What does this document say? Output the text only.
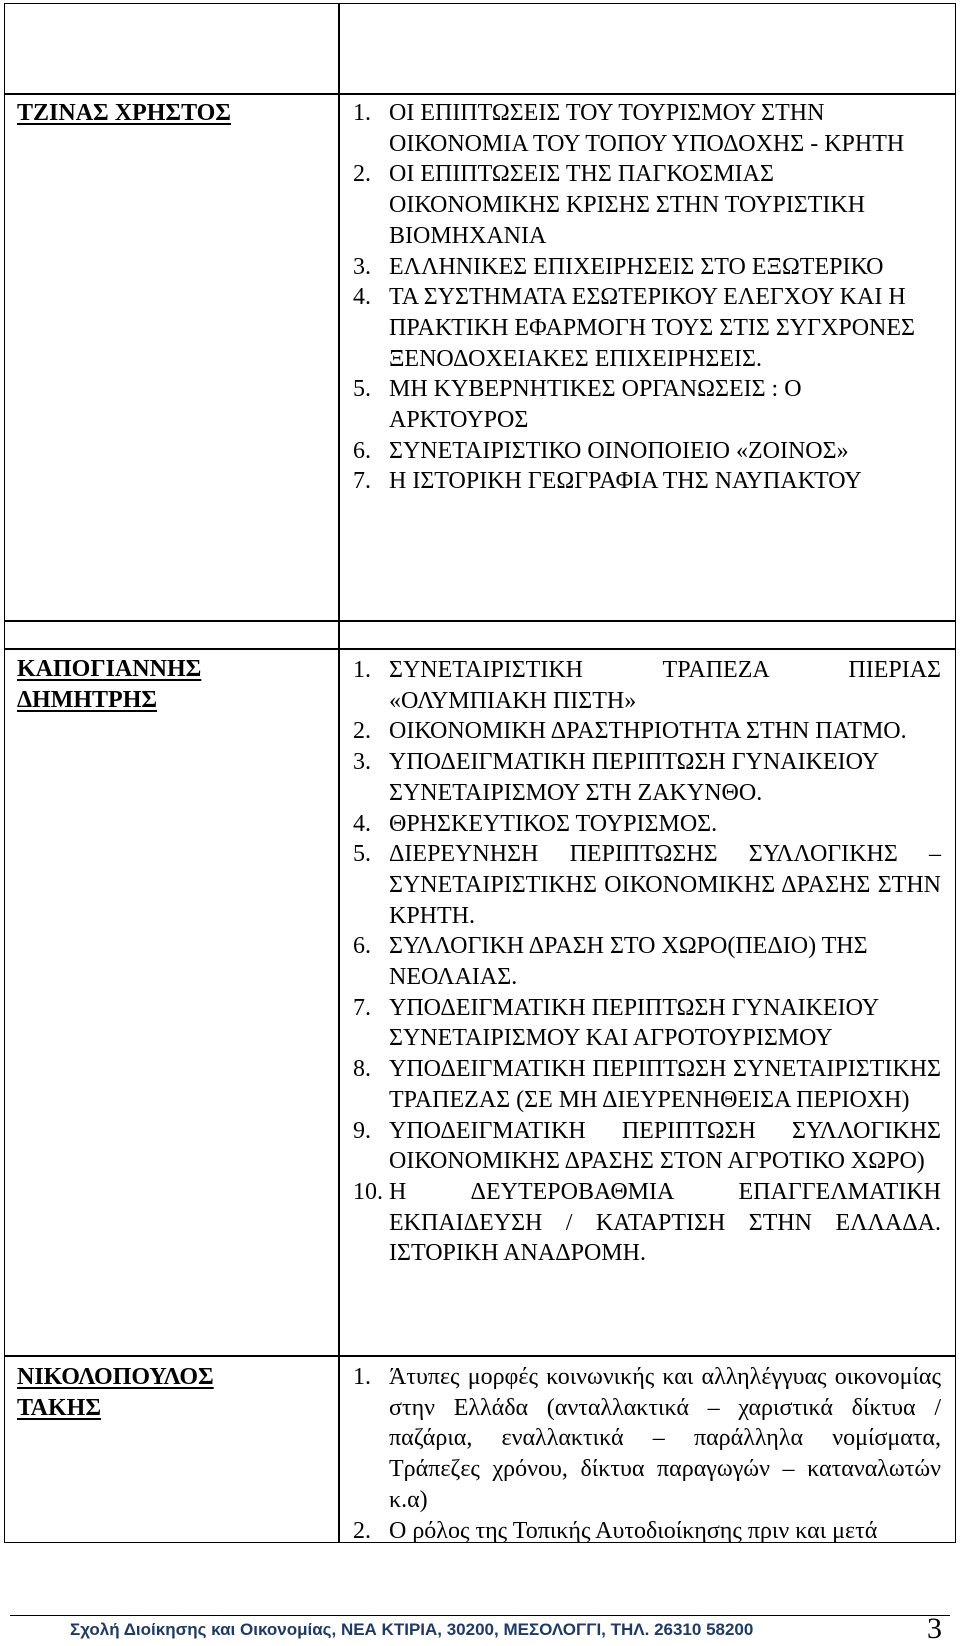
ΤΖΙΝΑΣ ΧΡΗΣΤΟΣ	1. ΟΙ ΕΠΙΠΤΩΣΕΙΣ ΤΟΥ ΤΟΥΡΙΣΜΟΥ ΣΤΗΝ ΟΙΚΟΝΟΜΙΑ ΤΟΥ ΤΟΠΟΥ ΥΠΟΔΟΧΗΣ - ΚΡΗΤΗ
2. ΟΙ ΕΠΙΠΤΩΣΕΙΣ ΤΗΣ ΠΑΓΚΟΣΜΙΑΣ ΟΙΚΟΝΟΜΙΚΗΣ ΚΡΙΣΗΣ ΣΤΗΝ ΤΟΥΡΙΣΤΙΚΗ ΒΙΟΜΗΧΑΝΙΑ
3. ΕΛΛΗΝΙΚΕΣ ΕΠΙΧΕΙΡΗΣΕΙΣ ΣΤΟ ΕΞΩΤΕΡΙΚΟ
4. ΤΑ ΣΥΣΤΗΜΑΤΑ ΕΣΩΤΕΡΙΚΟΥ ΕΛΕΓΧΟΥ ΚΑΙ Η ΠΡΑΚΤΙΚΗ ΕΦΑΡΜΟΓΗ ΤΟΥΣ ΣΤΙΣ ΣΥΓΧΡΟΝΕΣ ΞΕΝΟΔΟΧΕΙΑΚΕΣ ΕΠΙΧΕΙΡΗΣΕΙΣ.
5. ΜΗ ΚΥΒΕΡΝΗΤΙΚΕΣ ΟΡΓΑΝΩΣΕΙΣ : Ο ΑΡΚΤΟΥΡΟΣ
6. ΣΥΝΕΤΑΙΡΙΣΤΙΚΟ ΟΙΝΟΠΟΙΕΙΟ «ΖΟΙΝΟΣ»
7. Η ΙΣΤΟΡΙΚΗ ΓΕΩΓΡΑΦΙΑ ΤΗΣ ΝΑΥΠΑΚΤΟΥ
ΚΑΠΟΓΙΑΝΝΗΣ ΔΗΜΗΤΡΗΣ
1. ΣΥΝΕΤΑΙΡΙΣΤΙΚΗ ΤΡΑΠΕΖΑ ΠΙΕΡΙΑΣ «ΟΛΥΜΠΙΑΚΗ ΠΙΣΤΗ»
2. ΟΙΚΟΝΟΜΙΚΗ ΔΡΑΣΤΗΡΙΟΤΗΤΑ ΣΤΗΝ ΠΑΤΜΟ.
3. ΥΠΟΔΕΙΓΜΑΤΙΚΗ ΠΕΡΙΠΤΩΣΗ ΓΥΝΑΙΚΕΙΟΥ ΣΥΝΕΤΑΙΡΙΣΜΟΥ ΣΤΗ ΖΑΚΥΝΘΟ.
4. ΘΡΗΣΚΕΥΤΙΚΟΣ ΤΟΥΡΙΣΜΟΣ.
5. ΔΙΕΡΕΥΝΗΣΗ ΠΕΡΙΠΤΩΣΗΣ ΣΥΛΛΟΓΙΚΗΣ – ΣΥΝΕΤΑΙΡΙΣΤΙΚΗΣ ΟΙΚΟΝΟΜΙΚΗΣ ΔΡΑΣΗΣ ΣΤΗΝ ΚΡΗΤΗ.
6. ΣΥΛΛΟΓΙΚΗ ΔΡΑΣΗ ΣΤΟ ΧΩΡΟ(ΠΕΔΙΟ) ΤΗΣ ΝΕΟΛΑΙΑΣ.
7. ΥΠΟΔΕΙΓΜΑΤΙΚΗ ΠΕΡΙΠΤΩΣΗ ΓΥΝΑΙΚΕΙΟΥ ΣΥΝΕΤΑΙΡΙΣΜΟΥ ΚΑΙ ΑΓΡΟΤΟΥΡΙΣΜΟΥ
8. ΥΠΟΔΕΙΓΜΑΤΙΚΗ ΠΕΡΙΠΤΩΣΗ ΣΥΝΕΤΑΙΡΙΣΤΙΚΗΣ ΤΡΑΠΕΖΑΣ (ΣΕ ΜΗ ΔΙΕΥΡΕΝΗΘΕΙΣΑ ΠΕΡΙΟΧΗ)
9. ΥΠΟΔΕΙΓΜΑΤΙΚΗ ΠΕΡΙΠΤΩΣΗ ΣΥΛΛΟΓΙΚΗΣ ΟΙΚΟΝΟΜΙΚΗΣ ΔΡΑΣΗΣ ΣΤΟΝ ΑΓΡΟΤΙΚΟ ΧΩΡΟ)
10. Η ΔΕΥΤΕΡΟΒΑΘΜΙΑ ΕΠΑΓΓΕΛΜΑΤΙΚΗ ΕΚΠΑΙΔΕΥΣΗ / ΚΑΤΑΡΤΙΣΗ ΣΤΗΝ ΕΛΛΑΔΑ. ΙΣΤΟΡΙΚΗ ΑΝΑΔΡΟΜΗ.
ΝΙΚΟΛΟΠΟΥΛΟΣ ΤΑΚΗΣ
1. Άτυπες μορφές κοινωνικής και αλληλέγγυας οικονομίας στην Ελλάδα (ανταλλακτικά – χαριστικά δίκτυα / παζάρια, εναλλακτικά – παράλληλα νομίσματα, Τράπεζες χρόνου, δίκτυα παραγωγών – καταναλωτών κ.α)
2. Ο ρόλος της Τοπικής Αυτοδιοίκησης πριν και μετά
Σχολή Διοίκησης και Οικονομίας, ΝΕΑ ΚΤΙΡΙΑ, 30200, ΜΕΣΟΛΟΓΓΙ, ΤΗΛ. 26310 58200	3
